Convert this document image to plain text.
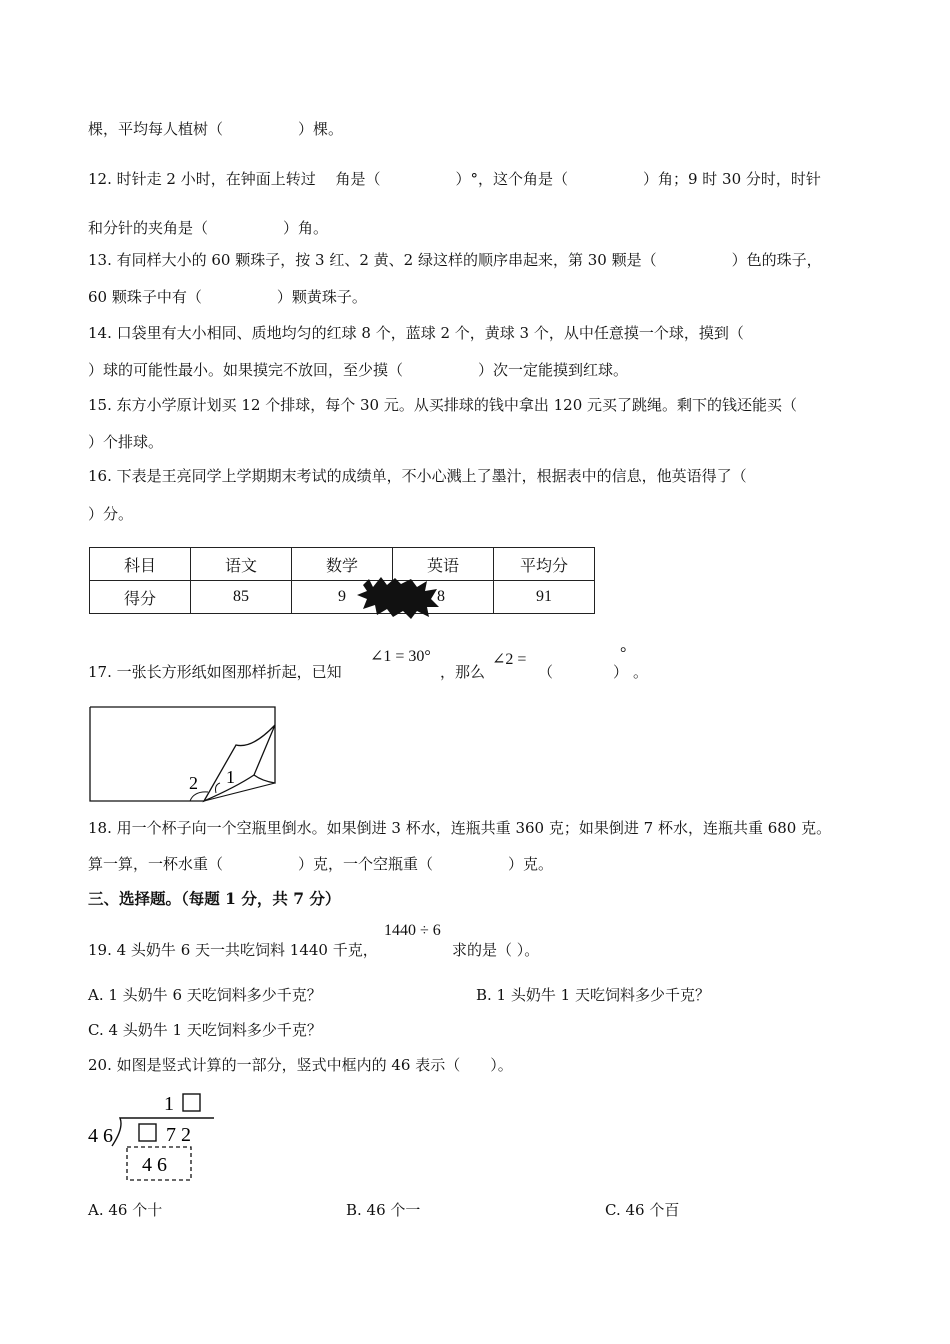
棵，平均每人植树（　　　　　）棵。
12. 时针走 2 小时，在钟面上转过　 角是（　　　　　）°，这个角是（　　　　　）角；9 时 30 分时，时针
和分针的夹角是（　　　　　）角。
13. 有同样大小的 60 颗珠子，按 3 红、2 黄、2 绿这样的顺序串起来，第 30 颗是（　　　　　）色的珠子，
60 颗珠子中有（　　　　　）颗黄珠子。
14. 口袋里有大小相同、质地均匀的红球 8 个，蓝球 2 个，黄球 3 个，从中任意摸一个球，摸到（
）球的可能性最小。如果摸完不放回，至少摸（　　　　　）次一定能摸到红球。
15. 东方小学原计划买 12 个排球，每个 30 元。从买排球的钱中拿出 120 元买了跳绳。剩下的钱还能买（
）个排球。
16. 下表是王亮同学上学期期末考试的成绩单，不小心溅上了墨汁，根据表中的信息，他英语得了（
）分。
科目	语文	数学	英语	平均分
得分	85	9	8	91
17. 一张长方形纸如图那样折起，已知
∠1 = 30°
，那么
∠2 =
（　　　　）
°
。
2 1
18. 用一个杯子向一个空瓶里倒水。如果倒进 3 杯水，连瓶共重 360 克；如果倒进 7 杯水，连瓶共重 680 克。
算一算，一杯水重（　　　　　）克，一个空瓶重（　　　　　）克。
三、选择题。（每题 1 分，共 7 分）
1440 ÷ 6
19. 4 头奶牛 6 天一共吃饲料 1440 千克，	求的是（ ）。
A. 1 头奶牛 6 天吃饲料多少千克？	B. 1 头奶牛 1 天吃饲料多少千克？
C. 4 头奶牛 1 天吃饲料多少千克？
20. 如图是竖式计算的一部分，竖式中框内的 46 表示（　　）。
1
4 6	7 2
4 6
A. 46 个十	B. 46 个一	C. 46 个百
